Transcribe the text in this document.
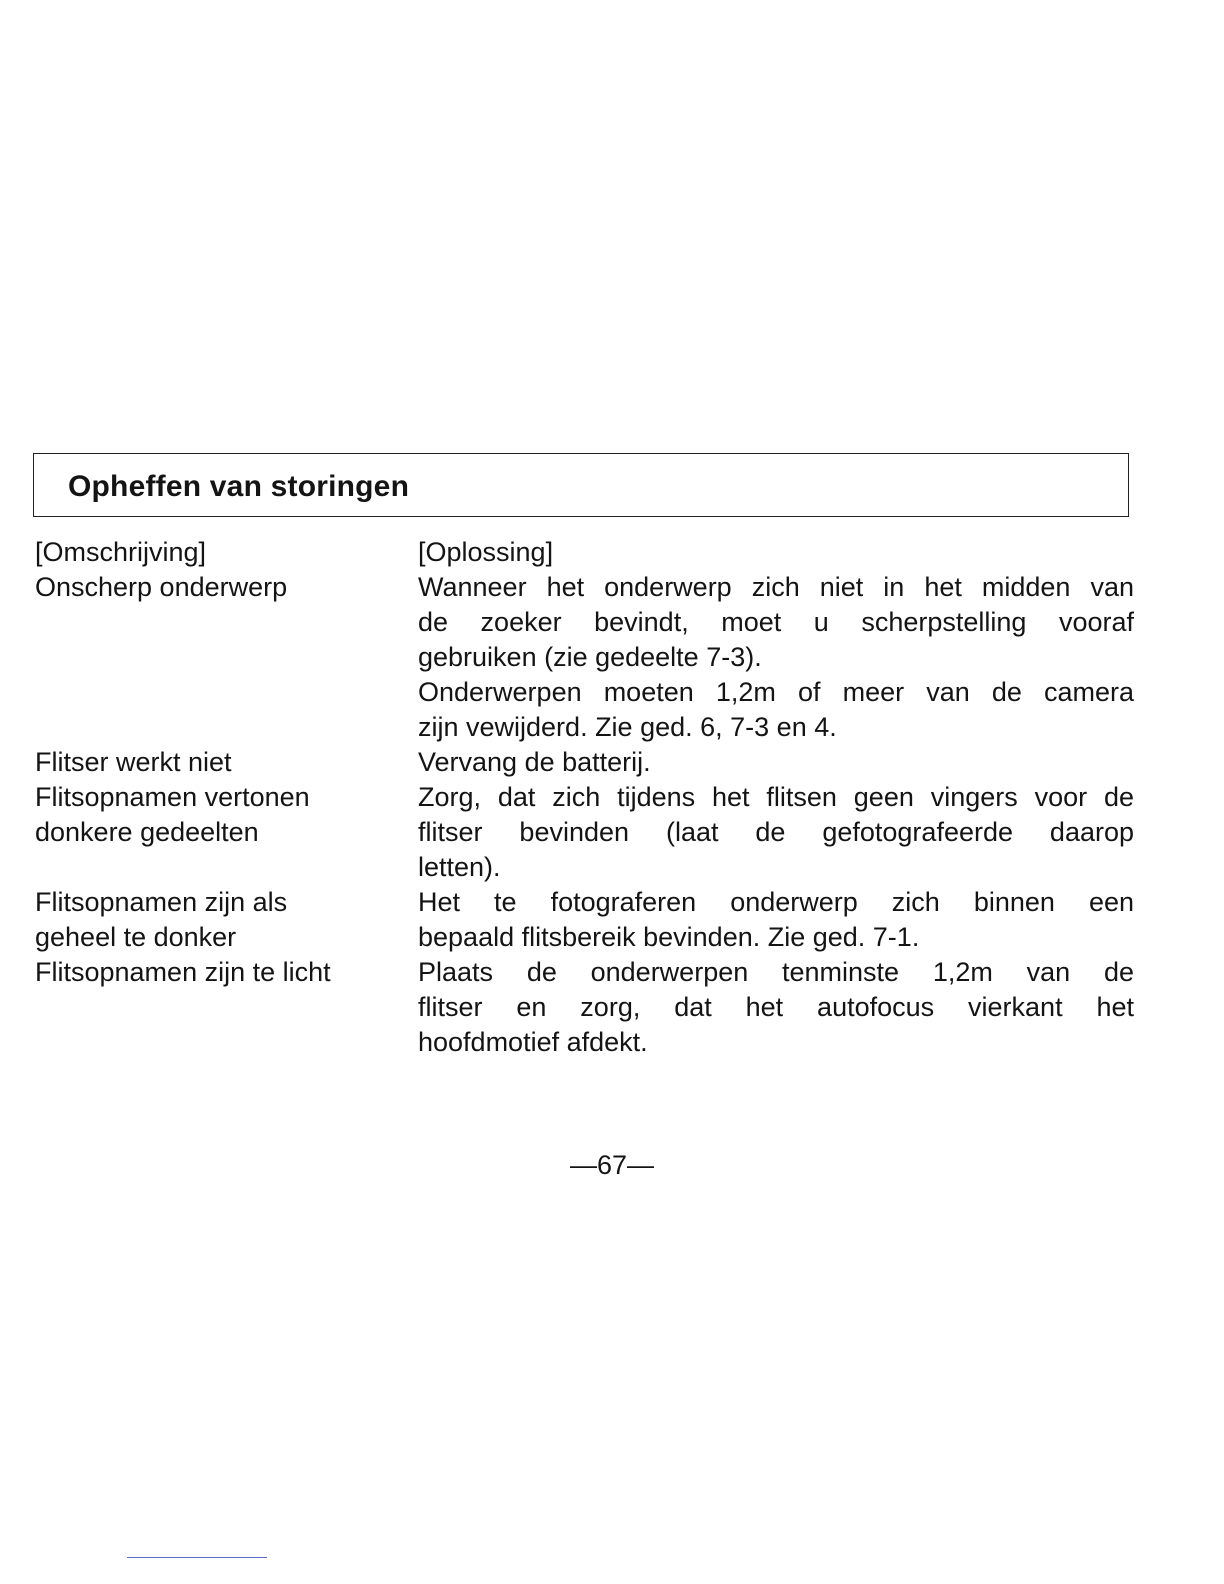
Opheffen van storingen
[Omschrijving]
Onscherp onderwerp
Flitser werkt niet
Flitsopnamen vertonen
donkere gedeelten
Flitsopnamen zijn als
geheel te donker
Flitsopnamen zijn te licht
[Oplossing]
Wanneer het onderwerp zich niet in het midden van
de zoeker bevindt, moet u scherpstelling vooraf
gebruiken (zie gedeelte 7-3).
Onderwerpen moeten 1,2m of meer van de camera
zijn vewijderd. Zie ged. 6, 7-3 en 4.
Vervang de batterij.
Zorg, dat zich tijdens het flitsen geen vingers voor de
flitser bevinden (laat de gefotografeerde daarop
letten).
Het te fotograferen onderwerp zich binnen een
bepaald flitsbereik bevinden. Zie ged. 7-1.
Plaats de onderwerpen tenminste 1,2m van de
flitser en zorg, dat het autofocus vierkant het
hoofdmotief afdekt.
—67—
